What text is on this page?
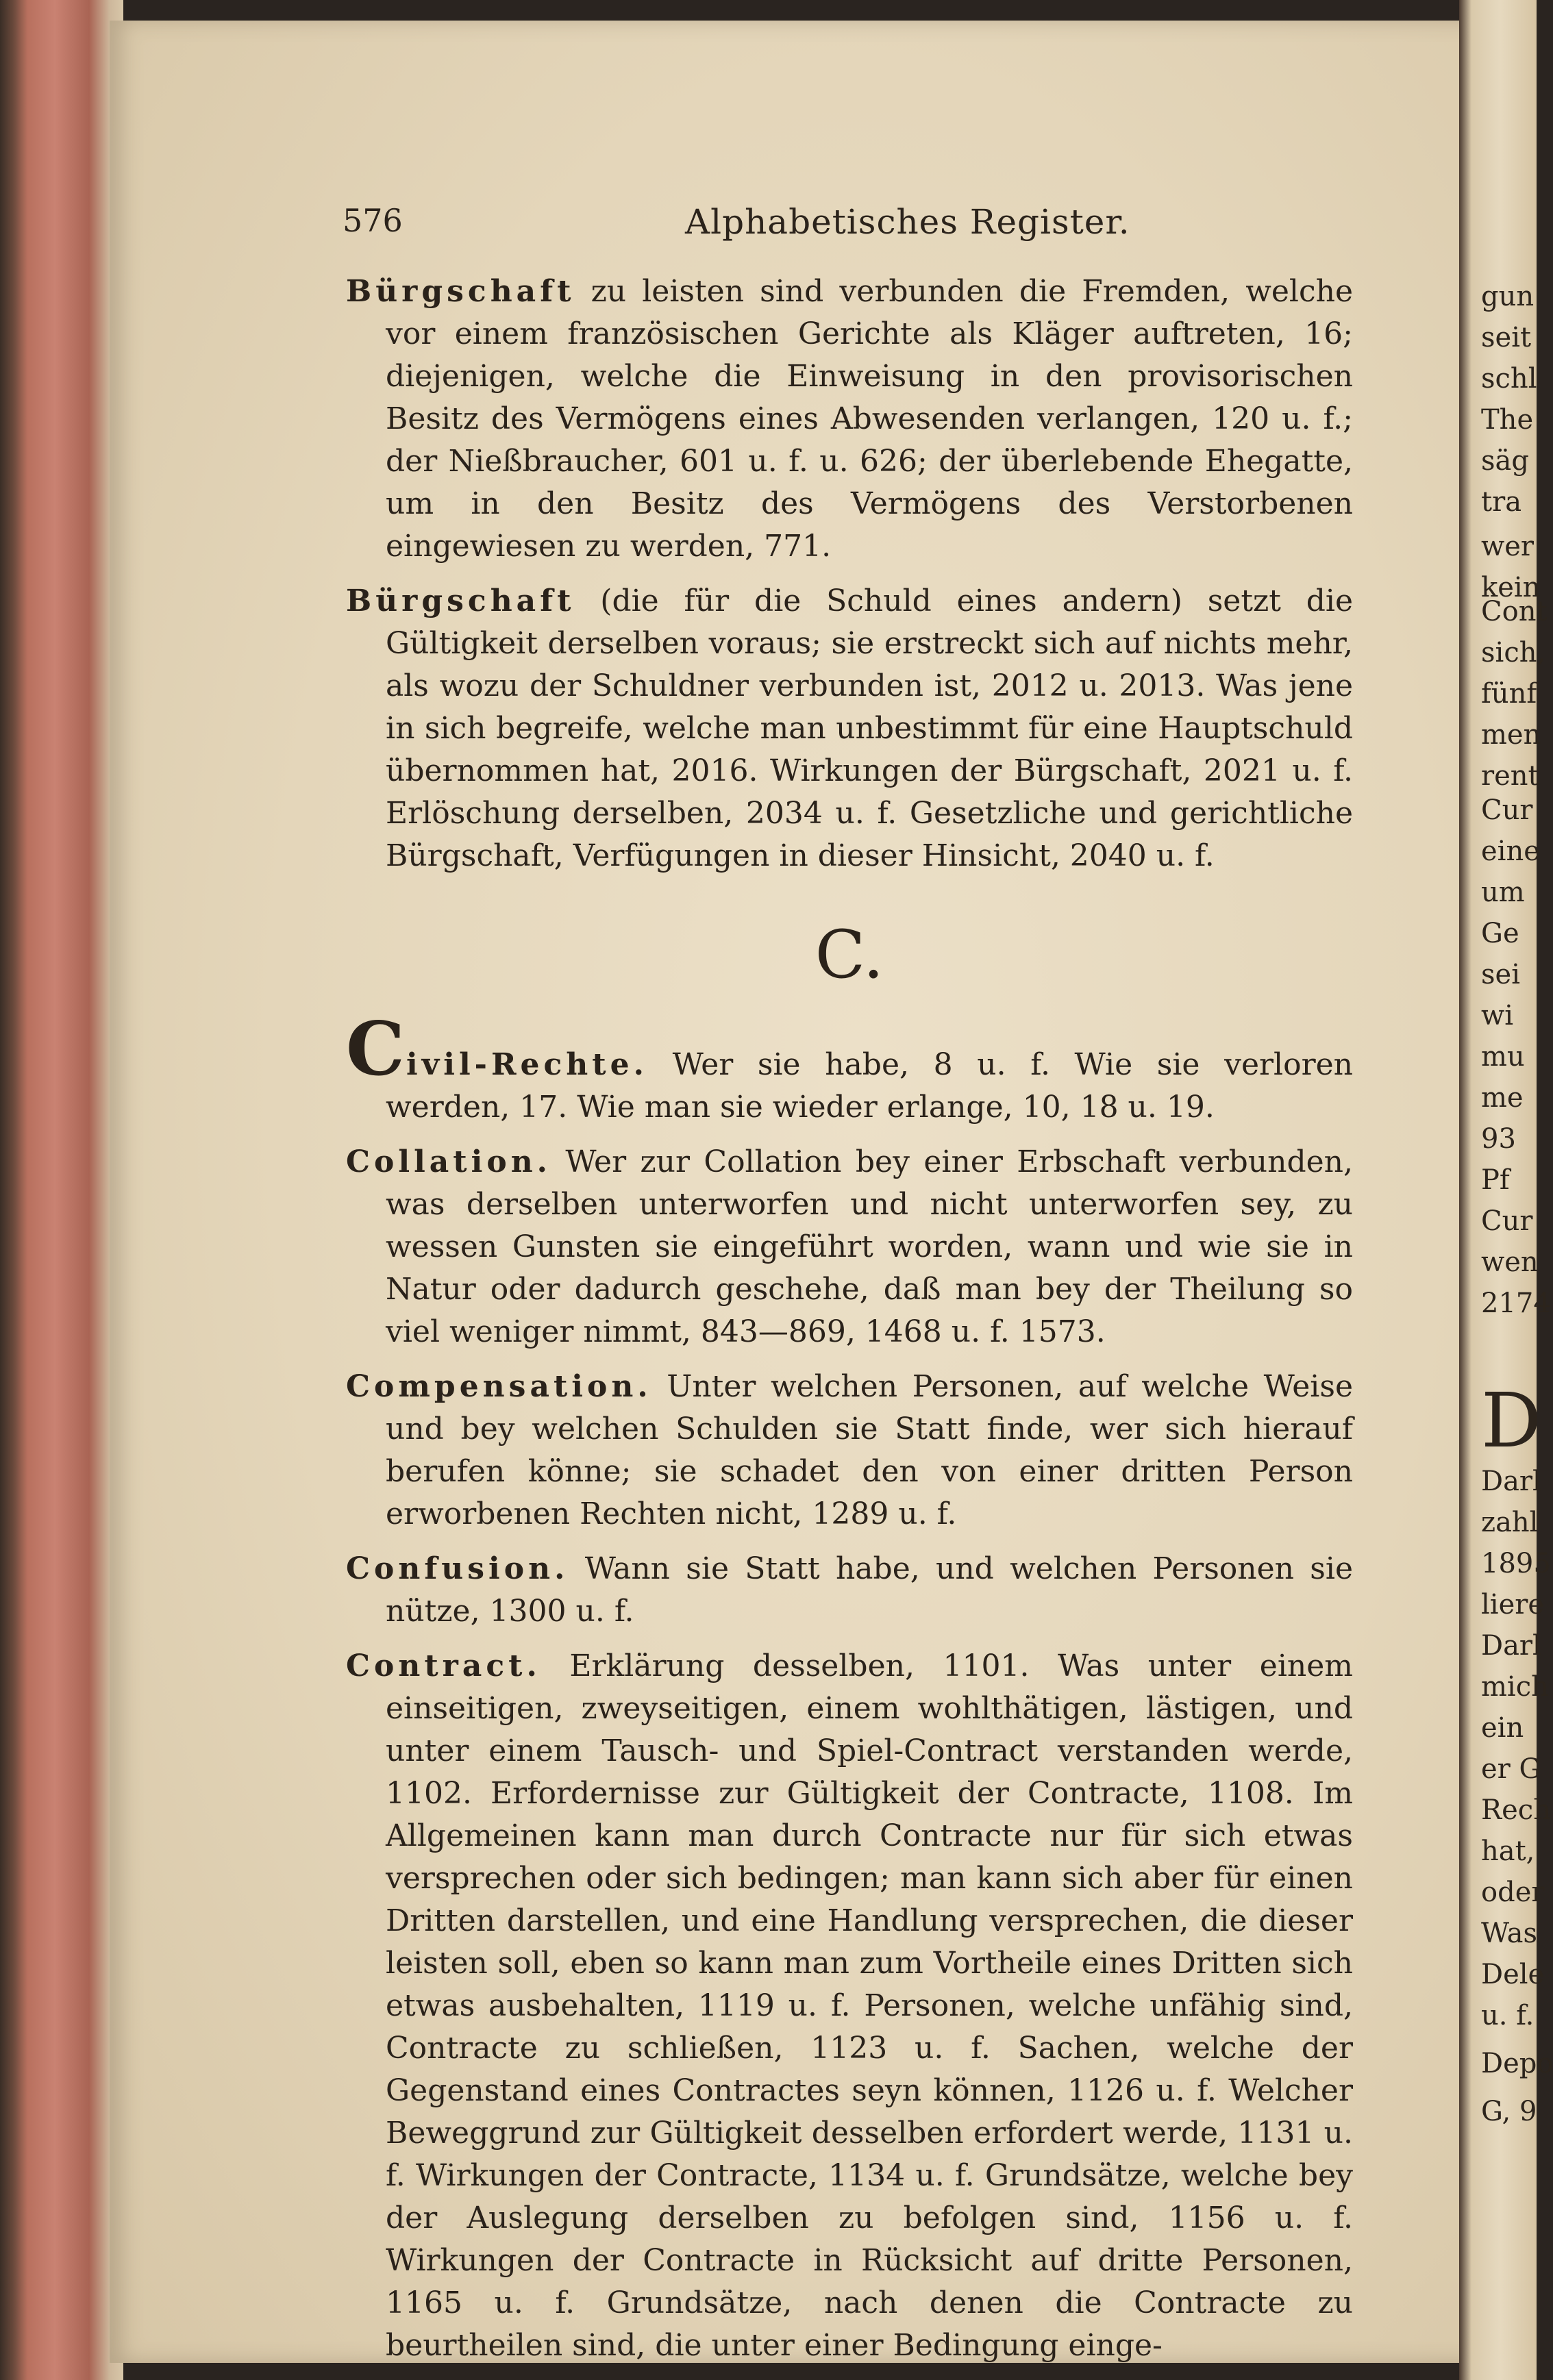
576	Alphabetisches Register.

Bürgschaft zu leisten sind verbunden die Fremden, welche vor einem französischen Gerichte als Kläger auftreten, 16; diejenigen, welche die Einweisung in den provisorischen Besitz des Vermögens eines Abwesenden verlangen, 120 u. f.; der Nießbraucher, 601 u. f. u. 626; der überlebende Ehegatte, um in den Besitz des Vermögens des Verstorbenen eingewiesen zu werden, 771.

Bürgschaft (die für die Schuld eines andern) setzt die Gültigkeit derselben voraus; sie erstreckt sich auf nichts mehr, als wozu der Schuldner verbunden ist, 2012 u. 2013. Was jene in sich begreife, welche man unbestimmt für eine Hauptschuld übernommen hat, 2016. Wirkungen der Bürgschaft, 2021 u. f. Erlöschung derselben, 2034 u. f. Gesetzliche und gerichtliche Bürgschaft, Verfügungen in dieser Hinsicht, 2040 u. f.

C.

Civil-Rechte. Wer sie habe, 8 u. f. Wie sie verloren werden, 17. Wie man sie wieder erlange, 10, 18 u. 19.

Collation. Wer zur Collation bey einer Erbschaft verbunden, was derselben unterworfen und nicht unterworfen sey, zu wessen Gunsten sie eingeführt worden, wann und wie sie in Natur oder dadurch geschehe, daß man bey der Theilung so viel weniger nimmt, 843—869, 1468 u. f. 1573.

Compensation. Unter welchen Personen, auf welche Weise und bey welchen Schulden sie Statt finde, wer sich hierauf berufen könne; sie schadet den von einer dritten Person erworbenen Rechten nicht, 1289 u. f.

Confusion. Wann sie Statt habe, und welchen Personen sie nütze, 1300 u. f.

Contract. Erklärung desselben, 1101. Was unter einem einseitigen, zweyseitigen, einem wohlthätigen, lästigen, und unter einem Tausch- und Spiel-Contract verstanden werde, 1102. Erfordernisse zur Gültigkeit der Contracte, 1108. Im Allgemeinen kann man durch Contracte nur für sich etwas versprechen oder sich bedingen; man kann sich aber für einen Dritten darstellen, und eine Handlung versprechen, die dieser leisten soll, eben so kann man zum Vortheile eines Dritten sich etwas ausbehalten, 1119 u. f. Personen, welche unfähig sind, Contracte zu schließen, 1123 u. f. Sachen, welche der Gegenstand eines Contractes seyn können, 1126 u. f. Welcher Beweggrund zur Gültigkeit desselben erfordert werde, 1131 u. f. Wirkungen der Contracte, 1134 u. f. Grundsätze, welche bey der Auslegung derselben zu befolgen sind, 1156 u. f. Wirkungen der Contracte in Rücksicht auf dritte Personen, 1165 u. f. Grundsätze, nach denen die Contracte zu beurtheilen sind, die unter einer Bedingung einge-

gun
seit
schl
The
säg
tra
wer
kein
Cont
sich,
fünf
men
rent
Cur
eine
um
Ge
sei
wi
mu
me
93
Pf
Cur
wen
2174
D
Darl
zahl
1895
liere
Darl
mich
ein
er G
Rech
hat,
oder
Was
Dele
u. f.
Depo
G, 9
